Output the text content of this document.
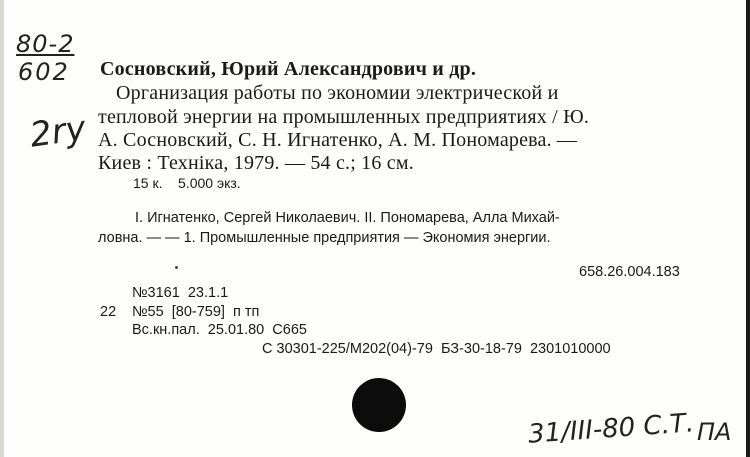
80-2
602
2ry
Сосновский, Юрий Александрович и др.
Организация работы по экономии электрической и
тепловой энергии на промышленных предприятиях / Ю.
А. Сосновский, С. Н. Игнатенко, А. М. Пономарева. —
Киев : Техніка, 1979. — 54 с.; 16 см.
15 к.    5.000 экз.
I. Игнатенко, Сергей Николаевич. II. Пономарева, Алла Михай-
ловна. — — 1. Промышленные предприятия — Экономия энергии.
658.26.004.183
№3161  23.1.1
22 №55  [80-759]  п тп
Вс.кн.пал.  25.01.80  С665
С 30301-225/М202(04)-79  БЗ-30-18-79  2301010000
31/III-80 С.Т. ПА
